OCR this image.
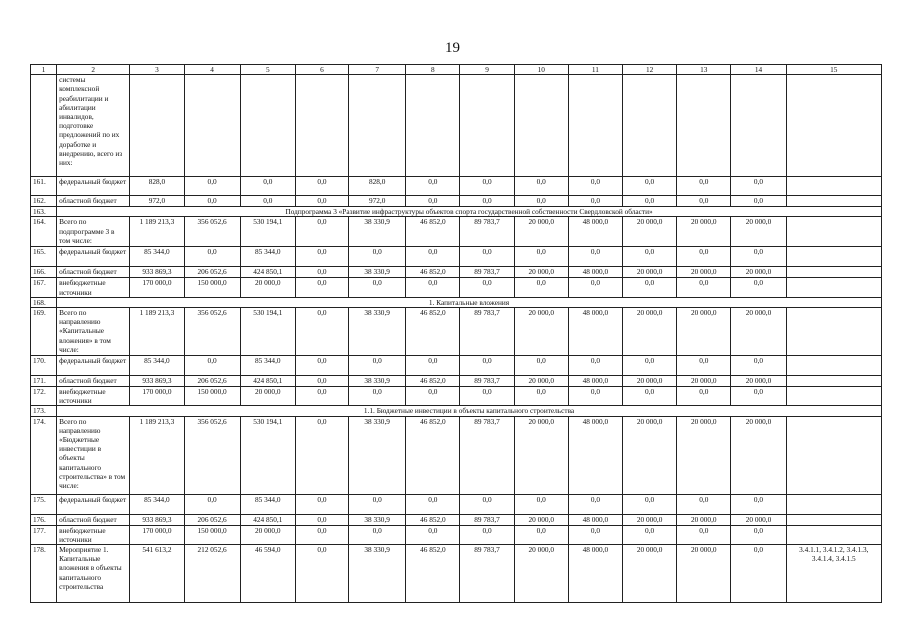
19
1	2	3	4	5	6	7	8	9	10	11	12	13	14	15
	системы комплексной реабилитации и абилитации инвалидов, подготовке предложений по их доработке и внедрению, всего из них:													
161.	федеральный бюджет	828,0	0,0	0,0	0,0	828,0	0,0	0,0	0,0	0,0	0,0	0,0	0,0	
162.	областной бюджет	972,0	0,0	0,0	0,0	972,0	0,0	0,0	0,0	0,0	0,0	0,0	0,0	
163.	Подпрограмма 3 «Развитие инфраструктуры объектов спорта государственной собственности Свердловской области»													
164.	Всего по подпрограмме 3 в том числе:	1 189 213,3	356 052,6	530 194,1	0,0	38 330,9	46 852,0	89 783,7	20 000,0	48 000,0	20 000,0	20 000,0	20 000,0	
165.	федеральный бюджет	85 344,0	0,0	85 344,0	0,0	0,0	0,0	0,0	0,0	0,0	0,0	0,0	0,0	
166.	областной бюджет	933 869,3	206 052,6	424 850,1	0,0	38 330,9	46 852,0	89 783,7	20 000,0	48 000,0	20 000,0	20 000,0	20 000,0	
167.	внебюджетные источники	170 000,0	150 000,0	20 000,0	0,0	0,0	0,0	0,0	0,0	0,0	0,0	0,0	0,0	
168.	1. Капитальные вложения													
169.	Всего по направлению «Капитальные вложения» в том числе:	1 189 213,3	356 052,6	530 194,1	0,0	38 330,9	46 852,0	89 783,7	20 000,0	48 000,0	20 000,0	20 000,0	20 000,0	
170.	федеральный бюджет	85 344,0	0,0	85 344,0	0,0	0,0	0,0	0,0	0,0	0,0	0,0	0,0	0,0	
171.	областной бюджет	933 869,3	206 052,6	424 850,1	0,0	38 330,9	46 852,0	89 783,7	20 000,0	48 000,0	20 000,0	20 000,0	20 000,0	
172.	внебюджетные источники	170 000,0	150 000,0	20 000,0	0,0	0,0	0,0	0,0	0,0	0,0	0,0	0,0	0,0	
173.	1.1. Бюджетные инвестиции в объекты капитального строительства													
174.	Всего по направлению «Бюджетные инвестиции в объекты капитального строительства» в том числе:	1 189 213,3	356 052,6	530 194,1	0,0	38 330,9	46 852,0	89 783,7	20 000,0	48 000,0	20 000,0	20 000,0	20 000,0	
175.	федеральный бюджет	85 344,0	0,0	85 344,0	0,0	0,0	0,0	0,0	0,0	0,0	0,0	0,0	0,0	
176.	областной бюджет	933 869,3	206 052,6	424 850,1	0,0	38 330,9	46 852,0	89 783,7	20 000,0	48 000,0	20 000,0	20 000,0	20 000,0	
177.	внебюджетные источники	170 000,0	150 000,0	20 000,0	0,0	0,0	0,0	0,0	0,0	0,0	0,0	0,0	0,0	
178.	Мероприятие 1. Капитальные вложения в объекты капитального строительства	541 613,2	212 052,6	46 594,0	0,0	38 330,9	46 852,0	89 783,7	20 000,0	48 000,0	20 000,0	20 000,0	0,0	3.4.1.1, 3.4.1.2, 3.4.1.3, 3.4.1.4, 3.4.1.5
